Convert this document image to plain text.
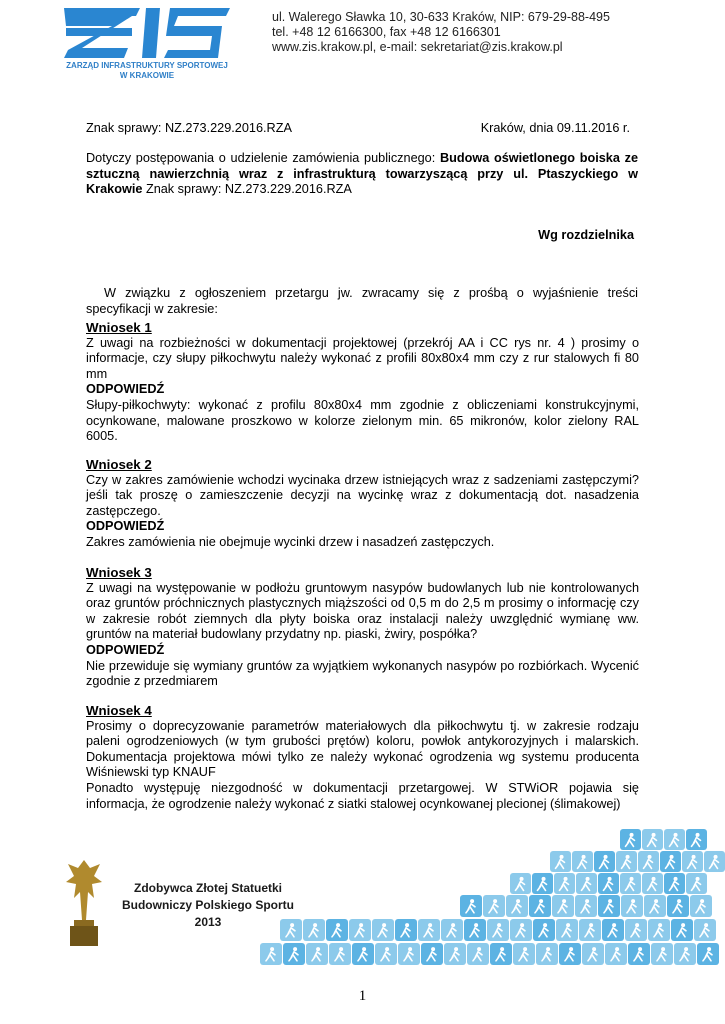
ZARZĄD INFRASTRUKTURY SPORTOWEJ
W KRAKOWIE
ul. Walerego Sławka 10, 30-633 Kraków, NIP: 679-29-88-495
tel. +48 12 6166300, fax +48 12 6166301
www.zis.krakow.pl, e-mail: sekretariat@zis.krakow.pl
Znak sprawy: NZ.273.229.2016.RZA	Kraków, dnia 09.11.2016 r.
Dotyczy postępowania o udzielenie zamówienia publicznego: Budowa oświetlonego boiska ze sztuczną nawierzchnią wraz z infrastrukturą towarzyszącą przy ul. Ptaszyckiego w Krakowie Znak sprawy: NZ.273.229.2016.RZA
Wg rozdzielnika
W związku z ogłoszeniem przetargu jw. zwracamy się z prośbą o wyjaśnienie treści specyfikacji w zakresie:
Wniosek 1
Z uwagi na rozbieżności w dokumentacji projektowej (przekrój AA i CC rys nr. 4 ) prosimy o informacje, czy słupy piłkochwytu należy wykonać z profili 80x80x4 mm czy z rur stalowych fi 80 mm
ODPOWIEDŹ
Słupy-piłkochwyty: wykonać z profilu 80x80x4 mm zgodnie z obliczeniami konstrukcyjnymi, ocynkowane, malowane proszkowo w kolorze zielonym min. 65 mikronów, kolor zielony RAL 6005.
Wniosek 2
Czy w zakres zamówienie wchodzi wycinaka drzew istniejących wraz z sadzeniami zastępczymi? jeśli tak proszę o zamieszczenie decyzji na wycinkę wraz z dokumentacją dot. nasadzenia zastępczego.
ODPOWIEDŹ
Zakres zamówienia nie obejmuje wycinki drzew i nasadzeń zastępczych.
Wniosek 3
Z uwagi na występowanie w podłożu gruntowym nasypów budowlanych lub nie kontrolowanych oraz gruntów próchnicznych plastycznych miąższości od 0,5 m do 2,5 m prosimy o informację czy w zakresie robót ziemnych dla płyty boiska oraz instalacji należy uwzględnić wymianę ww. gruntów na materiał budowlany przydatny np. piaski, żwiry, pospółka?
ODPOWIEDŹ
Nie przewiduje się wymiany gruntów za wyjątkiem wykonanych nasypów po rozbiórkach. Wycenić zgodnie z przedmiarem
Wniosek 4
Prosimy o doprecyzowanie parametrów materiałowych dla piłkochwytu tj. w zakresie rodzaju paleni ogrodzeniowych (w tym grubości prętów) koloru, powłok antykorozyjnych i malarskich. Dokumentacja projektowa mówi tylko ze należy wykonać ogrodzenia wg systemu producenta Wiśniewski typ KNAUF
Ponadto występuję niezgodność w dokumentacji przetargowej. W STWiOR pojawia się informacja, że ogrodzenie należy wykonać z siatki stalowej ocynkowanej plecionej (ślimakowej)
Zdobywca Złotej Statuetki
Budowniczy Polskiego Sportu
2013
1
